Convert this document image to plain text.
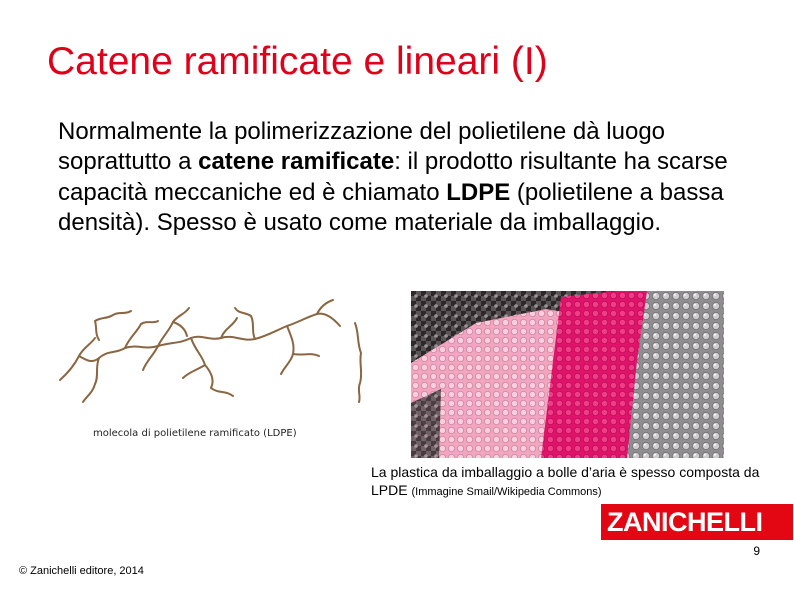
Catene ramificate e lineari (I)
Normalmente la polimerizzazione del polietilene dà luogo soprattutto a catene ramificate: il prodotto risultante ha scarse capacità meccaniche ed è chiamato LDPE (polietilene a bassa densità). Spesso è usato come materiale da imballaggio.
molecola di polietilene ramificato (LDPE)
La plastica da imballaggio a bolle d’aria è spesso composta da LPDE (Immagine Smail/Wikipedia Commons)
ZANICHELLI
9
© Zanichelli editore, 2014
